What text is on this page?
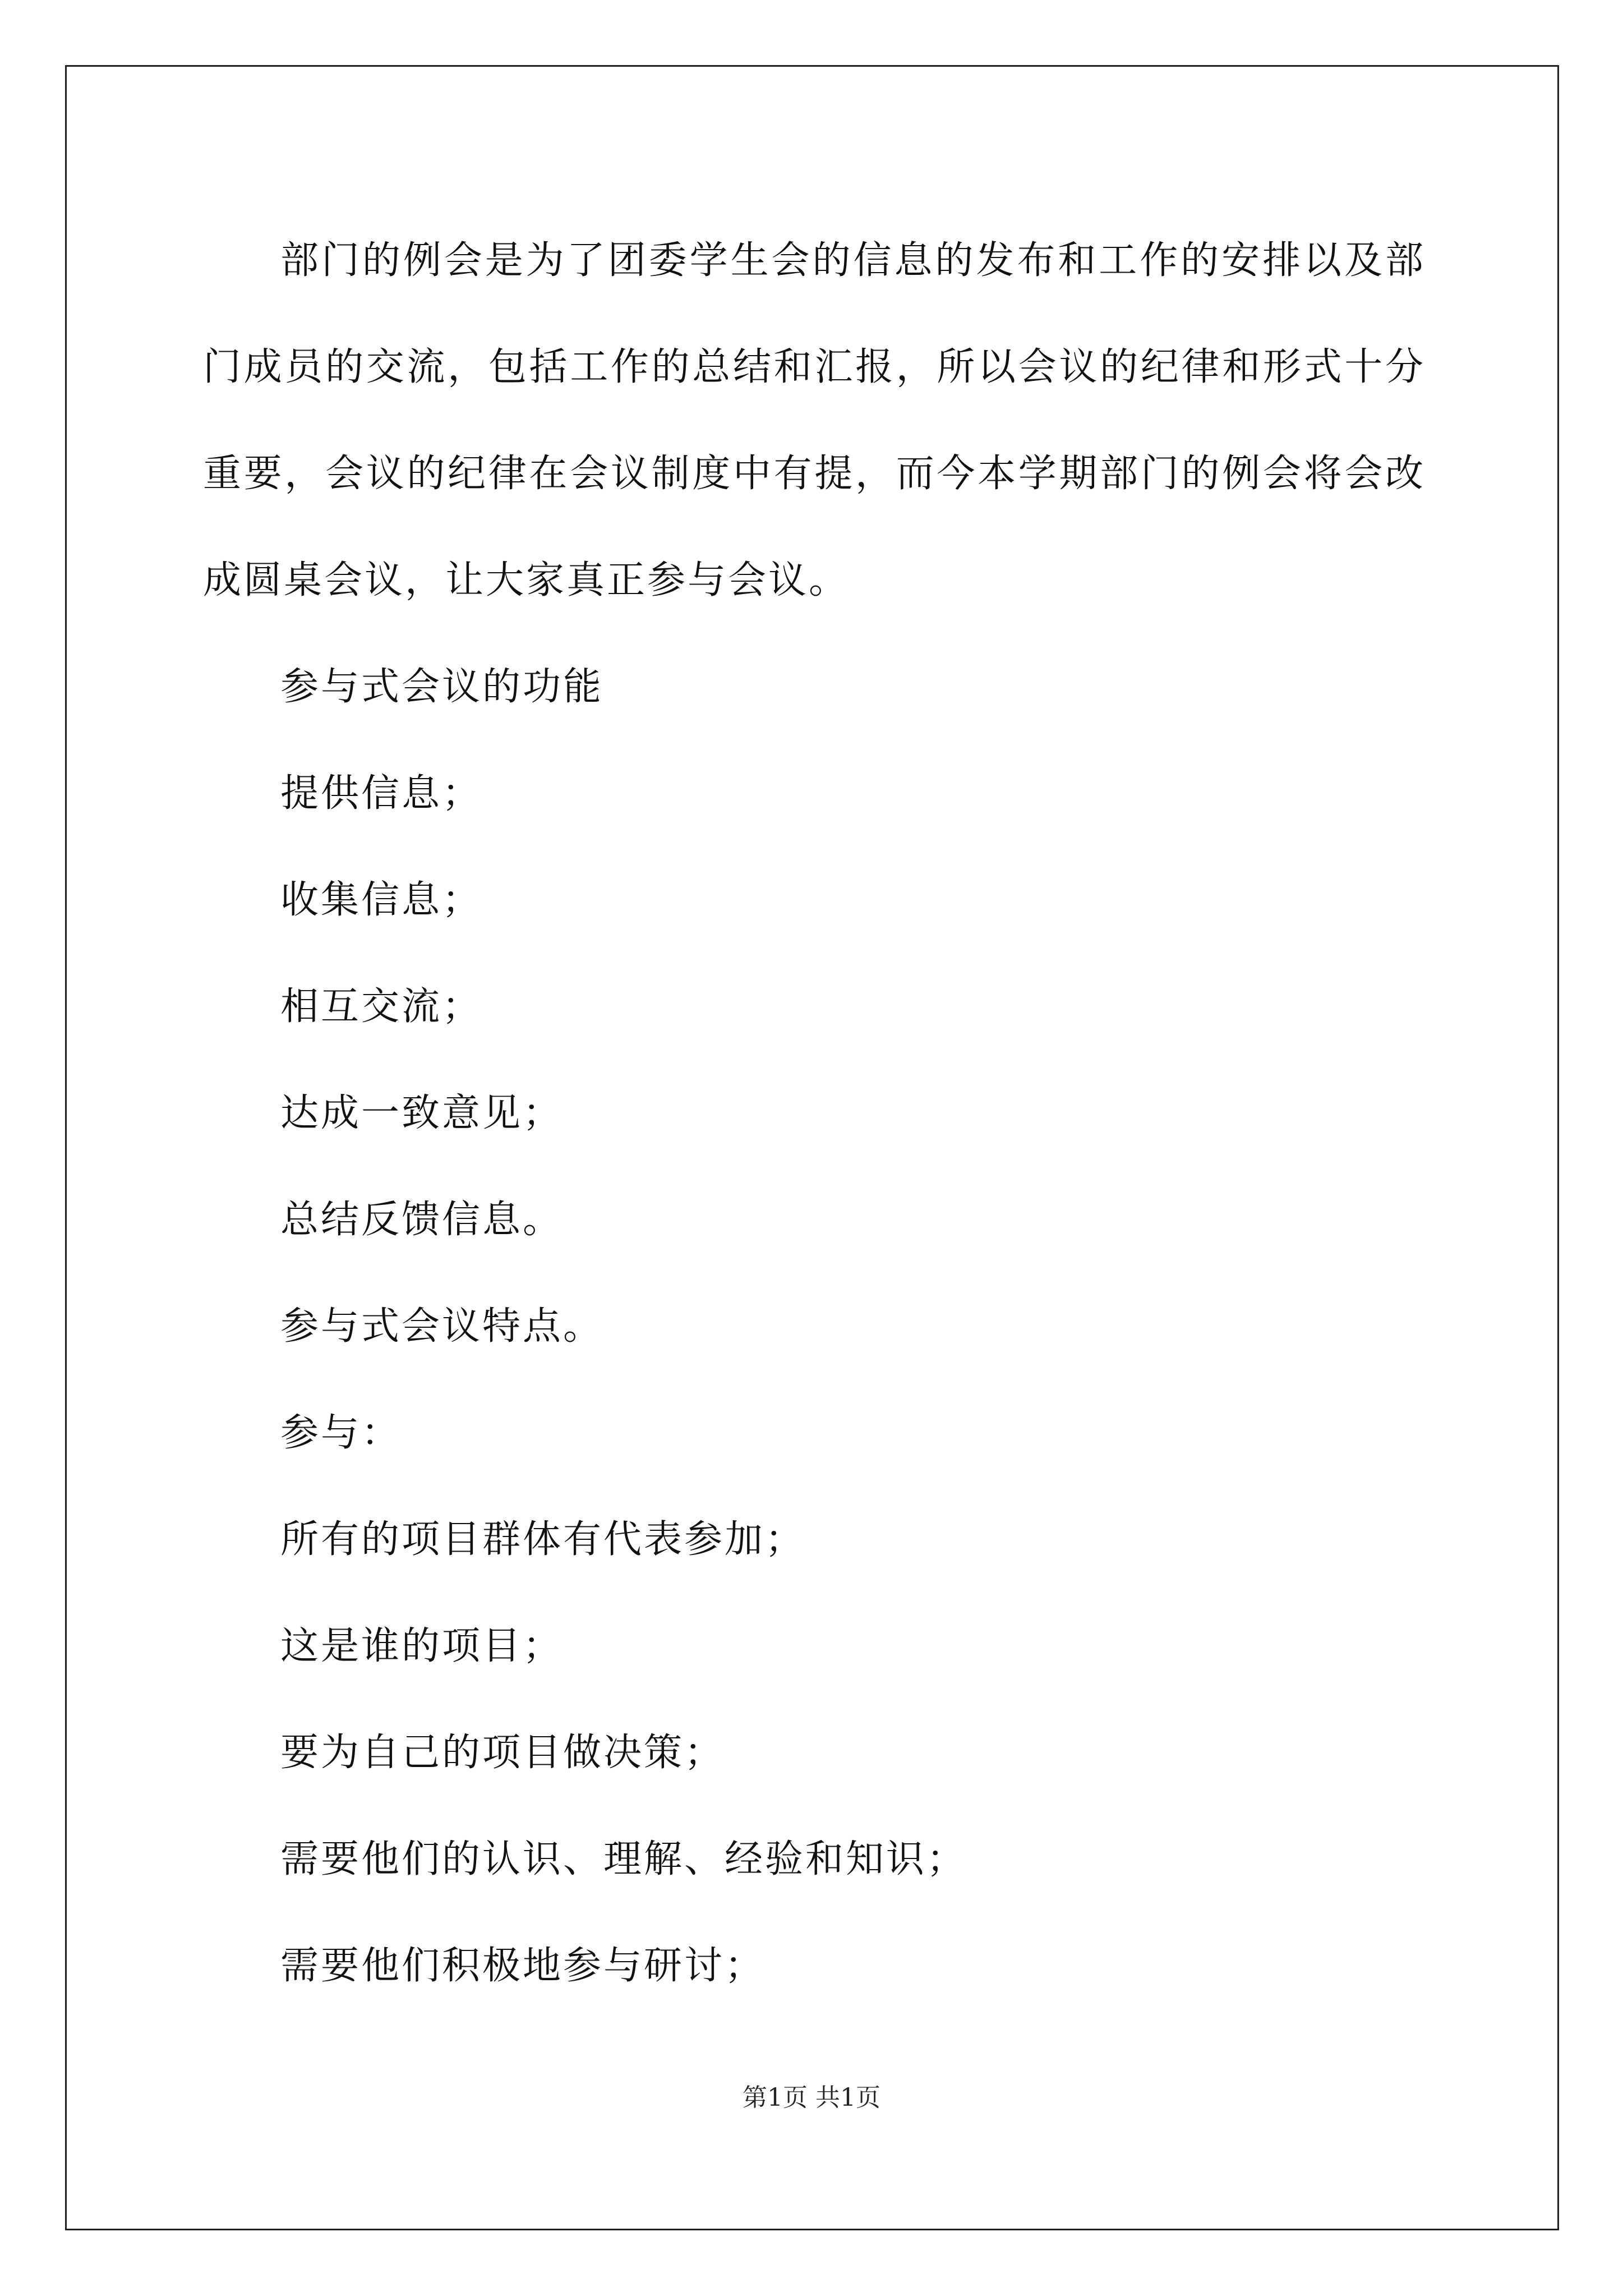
部门的例会是为了团委学生会的信息的发布和工作的安排以及部门成员的交流，包括工作的总结和汇报，所以会议的纪律和形式十分重要，会议的纪律在会议制度中有提，而今本学期部门的例会将会改成圆桌会议，让大家真正参与会议。

参与式会议的功能

提供信息；

收集信息；

相互交流；

达成一致意见；

总结反馈信息。

参与式会议特点。

参与：

所有的项目群体有代表参加；

这是谁的项目；

要为自己的项目做决策；

需要他们的认识、理解、经验和知识；

需要他们积极地参与研讨；

第1页 共1页
